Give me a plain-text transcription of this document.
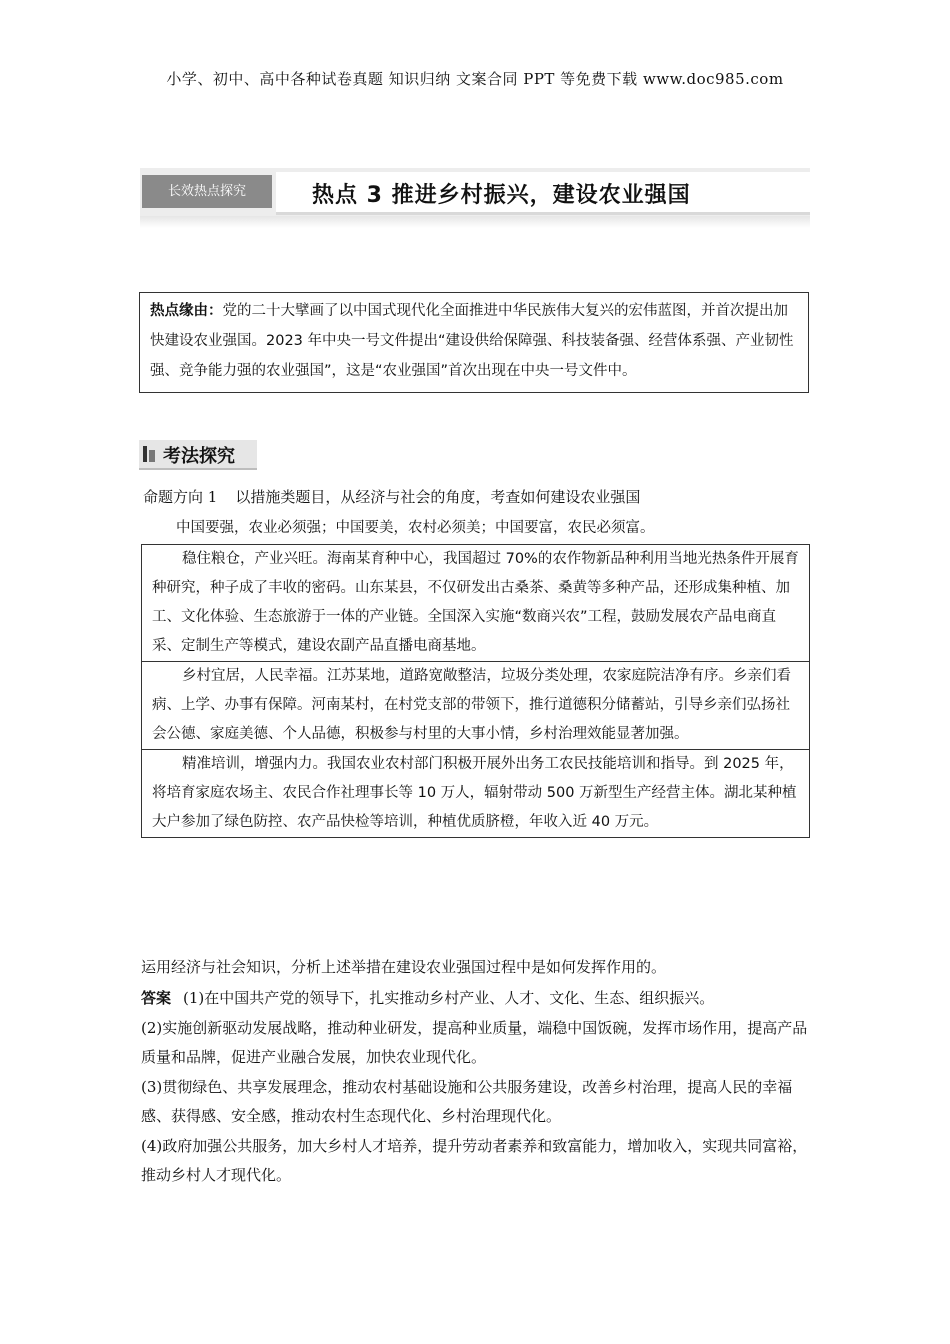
小学、初中、高中各种试卷真题 知识归纳 文案合同 PPT 等免费下载 www.doc985.com
长效热点探究	热点 3 推进乡村振兴，建设农业强国
热点缘由：党的二十大擘画了以中国式现代化全面推进中华民族伟大复兴的宏伟蓝图，并首次提出加快建设农业强国。2023 年中央一号文件提出“建设供给保障强、科技装备强、经营体系强、产业韧性强、竞争能力强的农业强国”，这是“农业强国”首次出现在中央一号文件中。
考法探究
命题方向 1 以措施类题目，从经济与社会的角度，考查如何建设农业强国
中国要强，农业必须强；中国要美，农村必须美；中国要富，农民必须富。
稳住粮仓，产业兴旺。海南某育种中心，我国超过 70%的农作物新品种利用当地光热条件开展育种研究，种子成了丰收的密码。山东某县，不仅研发出古桑茶、桑黄等多种产品，还形成集种植、加工、文化体验、生态旅游于一体的产业链。全国深入实施“数商兴农”工程，鼓励发展农产品电商直采、定制生产等模式，建设农副产品直播电商基地。
乡村宜居，人民幸福。江苏某地，道路宽敞整洁，垃圾分类处理，农家庭院洁净有序。乡亲们看病、上学、办事有保障。河南某村，在村党支部的带领下，推行道德积分储蓄站，引导乡亲们弘扬社会公德、家庭美德、个人品德，积极参与村里的大事小情，乡村治理效能显著加强。
精准培训，增强内力。我国农业农村部门积极开展外出务工农民技能培训和指导。到 2025 年，将培育家庭农场主、农民合作社理事长等 10 万人，辐射带动 500 万新型生产经营主体。湖北某种植大户参加了绿色防控、农产品快检等培训，种植优质脐橙，年收入近 40 万元。
运用经济与社会知识，分析上述举措在建设农业强国过程中是如何发挥作用的。

答案 (1)在中国共产党的领导下，扎实推动乡村产业、人才、文化、生态、组织振兴。

(2)实施创新驱动发展战略，推动种业研发，提高种业质量，端稳中国饭碗，发挥市场作用，提高产品质量和品牌，促进产业融合发展，加快农业现代化。

(3)贯彻绿色、共享发展理念，推动农村基础设施和公共服务建设，改善乡村治理，提高人民的幸福感、获得感、安全感，推动农村生态现代化、乡村治理现代化。

(4)政府加强公共服务，加大乡村人才培养，提升劳动者素养和致富能力，增加收入，实现共同富裕，推动乡村人才现代化。
